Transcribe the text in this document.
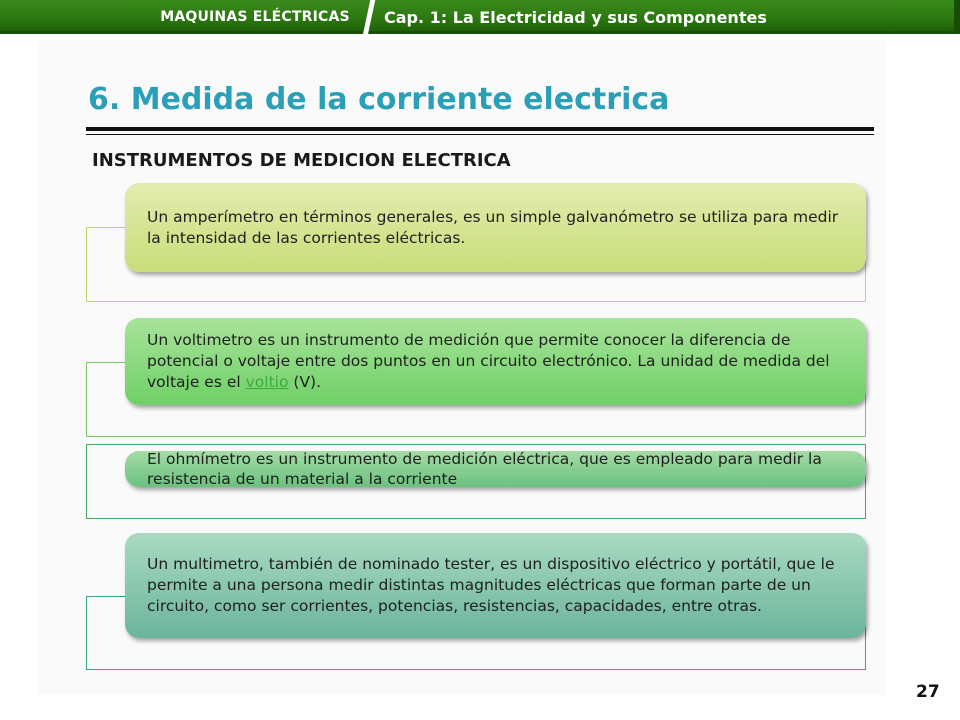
MAQUINAS ELÉCTRICAS	Cap. 1: La Electricidad y sus Componentes
6. Medida de la corriente electrica
INSTRUMENTOS DE MEDICION ELECTRICA

Un amperímetro en términos generales, es un simple galvanómetro se utiliza para medir la intensidad de las corrientes eléctricas.

Un voltimetro es un instrumento de medición que permite conocer la diferencia de potencial o voltaje entre dos puntos en un circuito electrónico. La unidad de medida del voltaje es el voltio (V).

El ohmímetro es un instrumento de medición eléctrica, que es empleado para medir la resistencia de un material a la corriente

Un multimetro, también de nominado tester, es un dispositivo eléctrico y portátil, que le permite a una persona medir distintas magnitudes eléctricas que forman parte de un circuito, como ser corrientes, potencias, resistencias, capacidades, entre otras.

27
